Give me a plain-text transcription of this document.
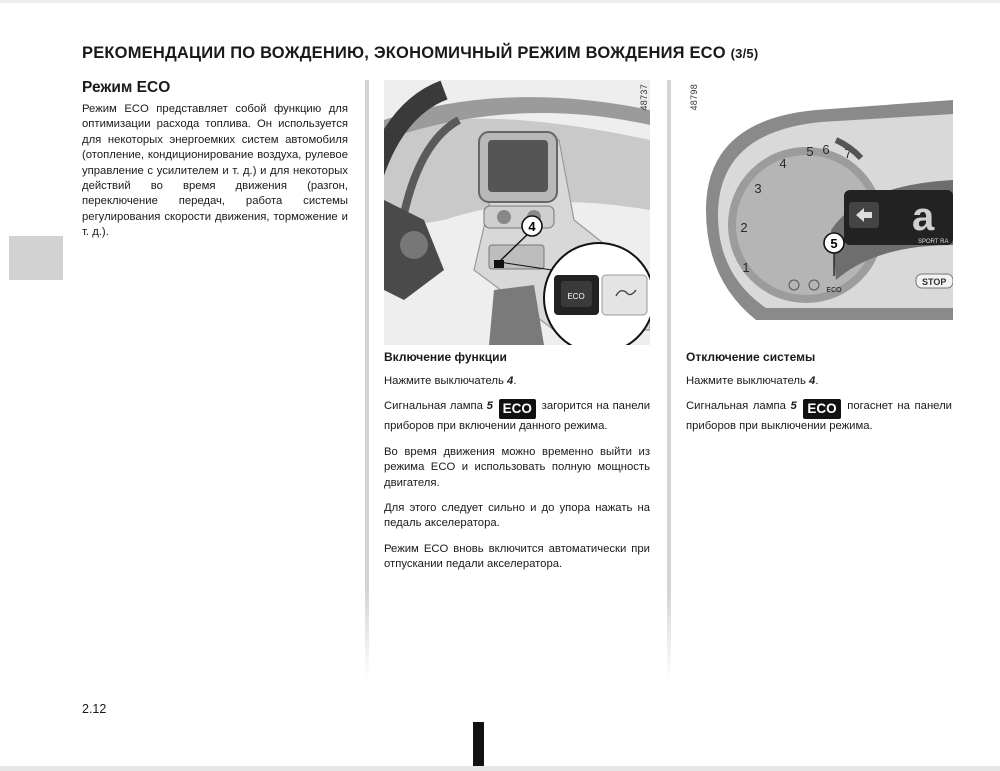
РЕКОМЕНДАЦИИ ПО ВОЖДЕНИЮ, ЭКОНОМИЧНЫЙ РЕЖИМ ВОЖДЕНИЯ ECO (3/5)
Режим ECO
Режим ECO представляет собой функцию для оптимизации расхода топлива. Он используется для некоторых энергоемких систем автомобиля (отопление, кондиционирование воздуха, рулевое управление с усилителем и т. д.) и для некоторых действий во время движения (разгон, переключение передач, работа системы регулирования скорости движения, торможение и т. д.).	4
ECO
48737
1
2
3
4
5 6 7
a
SPORT RA
STOP
5
ECO
48798
Включение функции

Нажмите выключатель 4.

Сигнальная лампа 5 ECO загорится на панели приборов при включении данного режима.

Во время движения можно временно выйти из режима ECO и использовать полную мощность двигателя.

Для этого следует сильно и до упора нажать на педаль акселератора.

Режим ECO вновь включится автоматически при отпускании педали акселератора.

Отключение системы

Нажмите выключатель 4.

Сигнальная лампа 5 ECO погаснет на панели приборов при выключении режима.

2.12
